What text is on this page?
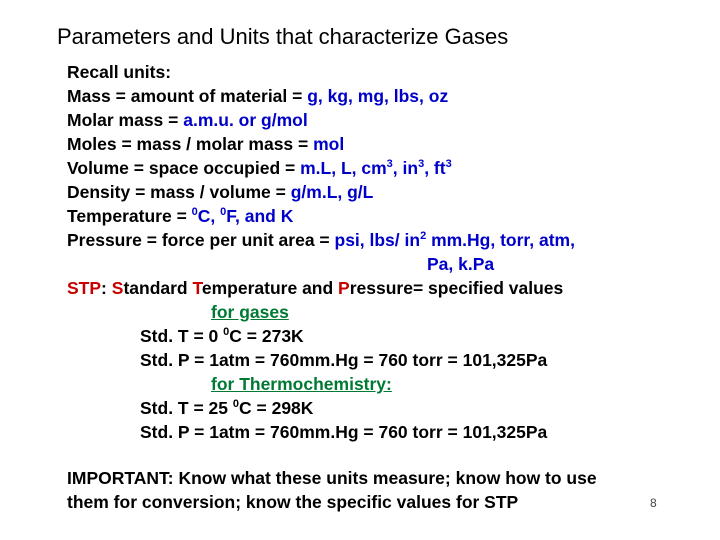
Parameters and Units that characterize Gases
Recall units:
Mass = amount of material = g, kg, mg, lbs, oz
Molar mass = a.m.u. or g/mol
Moles = mass / molar mass = mol
Volume = space occupied = m.L, L, $cm^3$, $in^3$, $ft^3$
Density = mass / volume = g/m.L, g/L
Temperature = $^0$C, $^0$F, and K
Pressure = force per unit area = psi, lbs/ $in^2$ mm.Hg, torr, atm,
Pa, k.Pa
STP: Standard Temperature and Pressure= specified values
for gases
Std. T = 0 $^0$C = 273K
Std. P = 1atm = 760mm.Hg = 760 torr = 101,325Pa
for Thermochemistry:
Std. T = 25 $^0$C = 298K
Std. P = 1atm = 760mm.Hg = 760 torr = 101,325Pa
IMPORTANT: Know what these units measure; know how to use
them for conversion; know the specific values for STP	8
